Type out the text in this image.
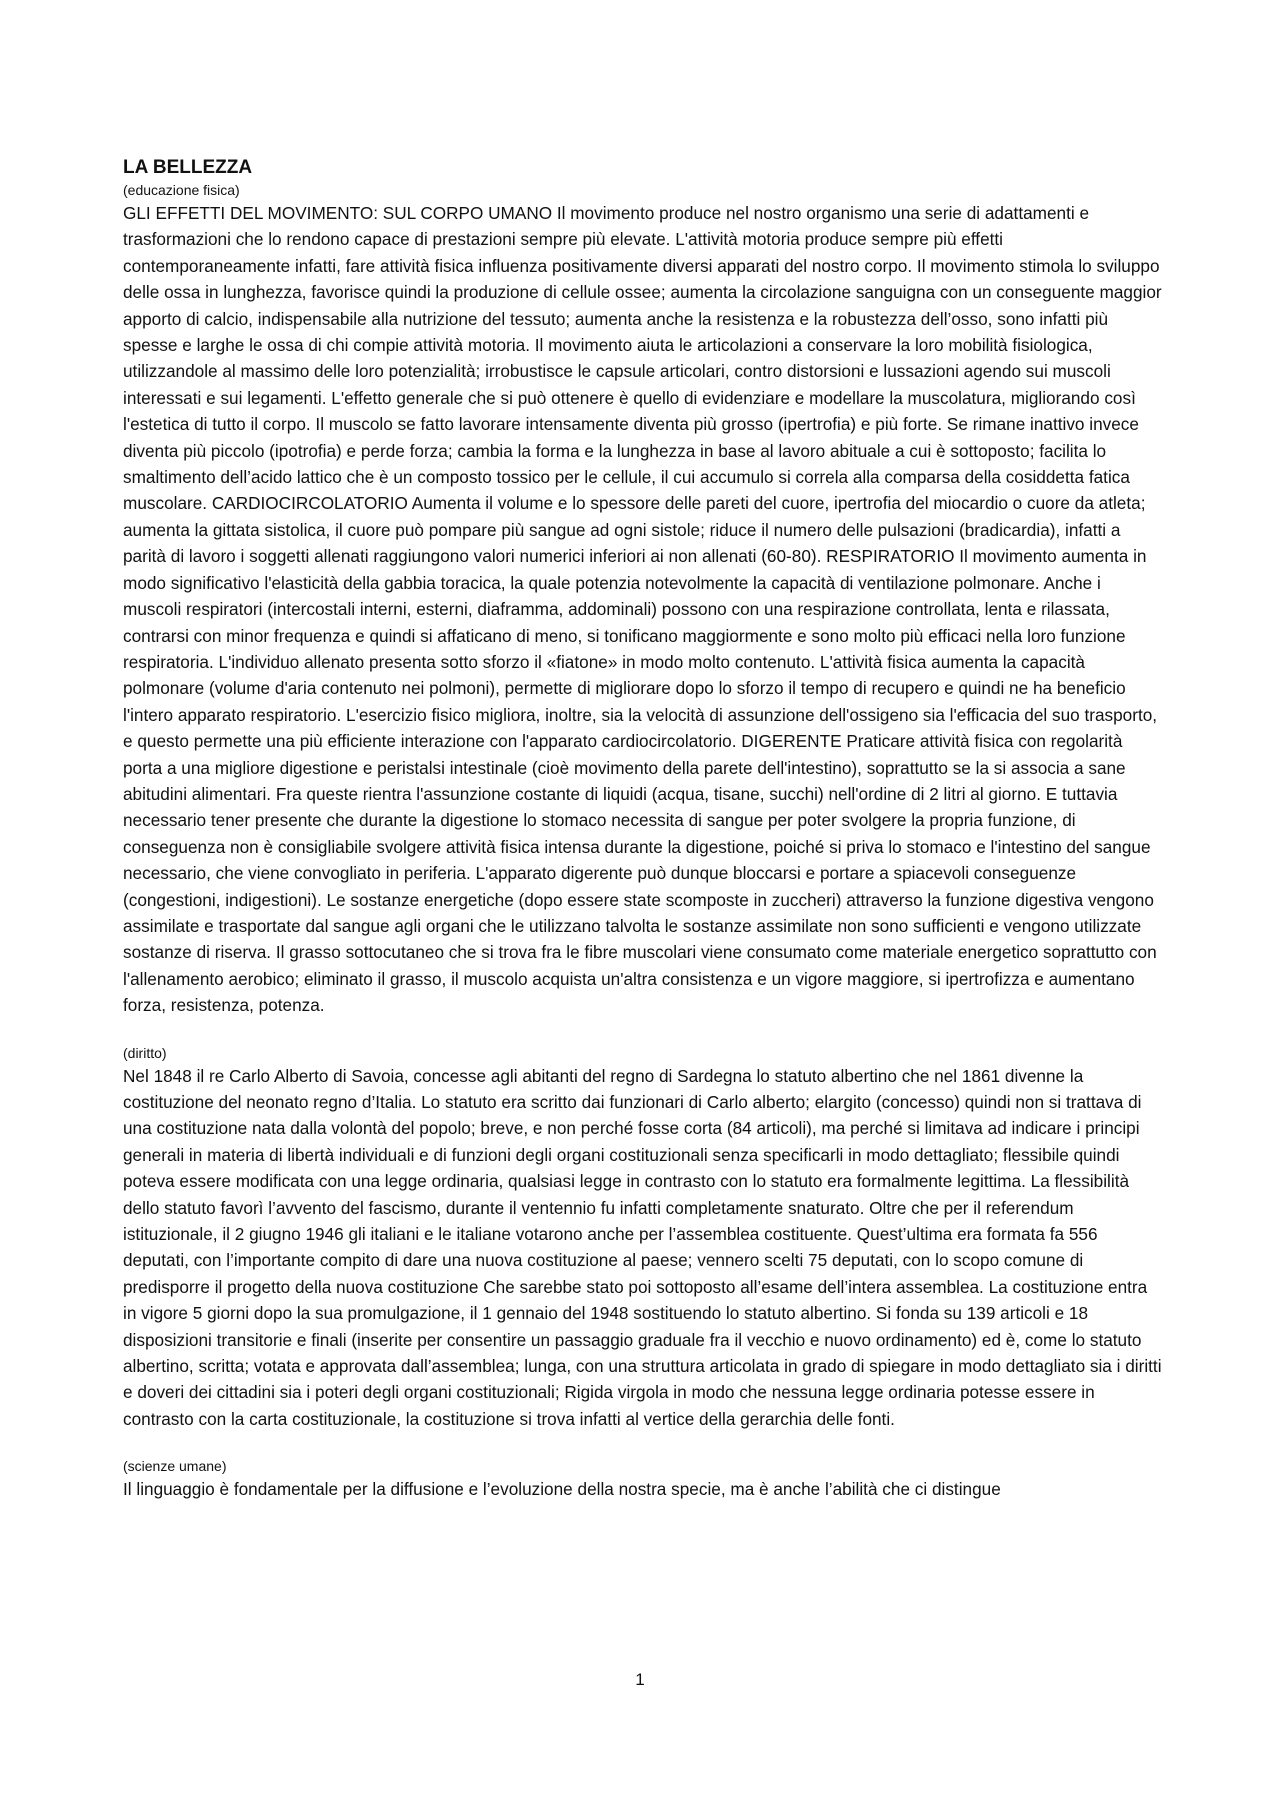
LA BELLEZZA

(educazione fisica)

GLI EFFETTI DEL MOVIMENTO: SUL CORPO UMANO Il movimento produce nel nostro organismo una serie di adattamenti e trasformazioni che lo rendono capace di prestazioni sempre più elevate. L'attività motoria produce sempre più effetti contemporaneamente infatti, fare attività fisica influenza positivamente diversi apparati del nostro corpo. Il movimento stimola lo sviluppo delle ossa in lunghezza, favorisce quindi la produzione di cellule ossee; aumenta la circolazione sanguigna con un conseguente maggior apporto di calcio, indispensabile alla nutrizione del tessuto; aumenta anche la resistenza e la robustezza dell’osso, sono infatti più spesse e larghe le ossa di chi compie attività motoria. Il movimento aiuta le articolazioni a conservare la loro mobilità fisiologica, utilizzandole al massimo delle loro potenzialità; irrobustisce le capsule articolari, contro distorsioni e lussazioni agendo sui muscoli interessati e sui legamenti. L'effetto generale che si può ottenere è quello di evidenziare e modellare la muscolatura, migliorando così l'estetica di tutto il corpo. Il muscolo se fatto lavorare intensamente diventa più grosso (ipertrofia) e più forte. Se rimane inattivo invece diventa più piccolo (ipotrofia) e perde forza; cambia la forma e la lunghezza in base al lavoro abituale a cui è sottoposto; facilita lo smaltimento dell’acido lattico che è un composto tossico per le cellule, il cui accumulo si correla alla comparsa della cosiddetta fatica muscolare. CARDIOCIRCOLATORIO Aumenta il volume e lo spessore delle pareti del cuore, ipertrofia del miocardio o cuore da atleta; aumenta la gittata sistolica, il cuore può pompare più sangue ad ogni sistole; riduce il numero delle pulsazioni (bradicardia), infatti a parità di lavoro i soggetti allenati raggiungono valori numerici inferiori ai non allenati (60-80). RESPIRATORIO Il movimento aumenta in modo significativo l'elasticità della gabbia toracica, la quale potenzia notevolmente la capacità di ventilazione polmonare. Anche i muscoli respiratori (intercostali interni, esterni, diaframma, addominali) possono con una respirazione controllata, lenta e rilassata, contrarsi con minor frequenza e quindi si affaticano di meno, si tonificano maggiormente e sono molto più efficaci nella loro funzione respiratoria. L'individuo allenato presenta sotto sforzo il «fiatone» in modo molto contenuto. L'attività fisica aumenta la capacità polmonare (volume d'aria contenuto nei polmoni), permette di migliorare dopo lo sforzo il tempo di recupero e quindi ne ha beneficio l'intero apparato respiratorio. L'esercizio fisico migliora, inoltre, sia la velocità di assunzione dell'ossigeno sia l'efficacia del suo trasporto, e questo permette una più efficiente interazione con l'apparato cardiocircolatorio. DIGERENTE Praticare attività fisica con regolarità porta a una migliore digestione e peristalsi intestinale (cioè movimento della parete dell'intestino), soprattutto se la si associa a sane abitudini alimentari. Fra queste rientra l'assunzione costante di liquidi (acqua, tisane, succhi) nell'ordine di 2 litri al giorno. E tuttavia necessario tener presente che durante la digestione lo stomaco necessita di sangue per poter svolgere la propria funzione, di conseguenza non è consigliabile svolgere attività fisica intensa durante la digestione, poiché si priva lo stomaco e l'intestino del sangue necessario, che viene convogliato in periferia. L'apparato digerente può dunque bloccarsi e portare a spiacevoli conseguenze (congestioni, indigestioni). Le sostanze energetiche (dopo essere state scomposte in zuccheri) attraverso la funzione digestiva vengono assimilate e trasportate dal sangue agli organi che le utilizzano talvolta le sostanze assimilate non sono sufficienti e vengono utilizzate sostanze di riserva. Il grasso sottocutaneo che si trova fra le fibre muscolari viene consumato come materiale energetico soprattutto con l'allenamento aerobico; eliminato il grasso, il muscolo acquista un'altra consistenza e un vigore maggiore, si ipertrofizza e aumentano forza, resistenza, potenza.

(diritto)

Nel 1848 il re Carlo Alberto di Savoia, concesse agli abitanti del regno di Sardegna lo statuto albertino che nel 1861 divenne la costituzione del neonato regno d’Italia. Lo statuto era scritto dai funzionari di Carlo alberto; elargito (concesso) quindi non si trattava di una costituzione nata dalla volontà del popolo; breve, e non perché fosse corta (84 articoli), ma perché si limitava ad indicare i principi generali in materia di libertà individuali e di funzioni degli organi costituzionali senza specificarli in modo dettagliato; flessibile quindi poteva essere modificata con una legge ordinaria, qualsiasi legge in contrasto con lo statuto era formalmente legittima. La flessibilità dello statuto favorì l’avvento del fascismo, durante il ventennio fu infatti completamente snaturato. Oltre che per il referendum istituzionale, il 2 giugno 1946 gli italiani e le italiane votarono anche per l’assemblea costituente. Quest’ultima era formata fa 556 deputati, con l’importante compito di dare una nuova costituzione al paese; vennero scelti 75 deputati, con lo scopo comune di predisporre il progetto della nuova costituzione Che sarebbe stato poi sottoposto all’esame dell’intera assemblea. La costituzione entra in vigore 5 giorni dopo la sua promulgazione, il 1 gennaio del 1948 sostituendo lo statuto albertino. Si fonda su 139 articoli e 18 disposizioni transitorie e finali (inserite per consentire un passaggio graduale fra il vecchio e nuovo ordinamento) ed è, come lo statuto albertino, scritta; votata e approvata dall’assemblea; lunga, con una struttura articolata in grado di spiegare in modo dettagliato sia i diritti e doveri dei cittadini sia i poteri degli organi costituzionali; Rigida virgola in modo che nessuna legge ordinaria potesse essere in contrasto con la carta costituzionale, la costituzione si trova infatti al vertice della gerarchia delle fonti.

(scienze umane)

Il linguaggio è fondamentale per la diffusione e l’evoluzione della nostra specie, ma è anche l’abilità che ci distingue

1
